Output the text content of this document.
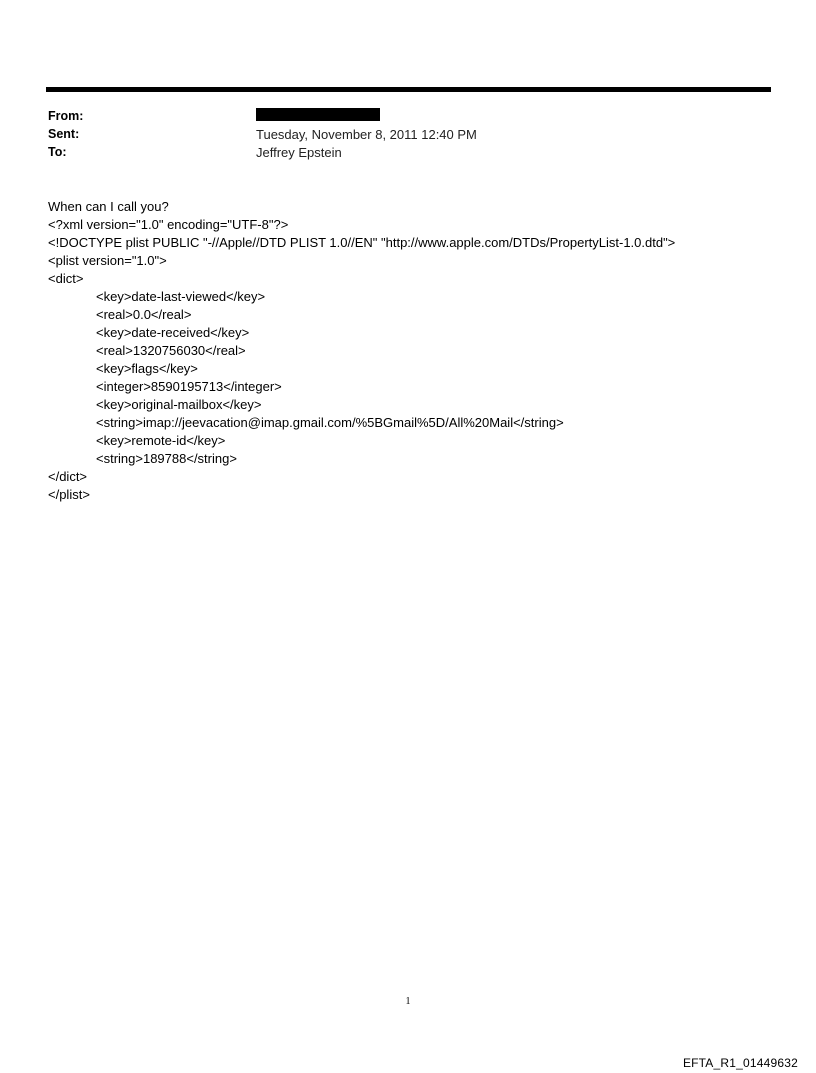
From:
Sent:	Tuesday, November 8, 2011 12:40 PM
To:	Jeffrey Epstein
When can I call you?
<?xml version="1.0" encoding="UTF-8"?>
<!DOCTYPE plist PUBLIC "-//Apple//DTD PLIST 1.0//EN" "http://www.apple.com/DTDs/PropertyList-1.0.dtd">
<plist version="1.0">
<dict>
<key>date-last-viewed</key>
<real>0.0</real>
<key>date-received</key>
<real>1320756030</real>
<key>flags</key>
<integer>8590195713</integer>
<key>original-mailbox</key>
<string>imap://jeevacation@imap.gmail.com/%5BGmail%5D/All%20Mail</string>
<key>remote-id</key>
<string>189788</string>
</dict>
</plist>
1
EFTA_R1_01449632
